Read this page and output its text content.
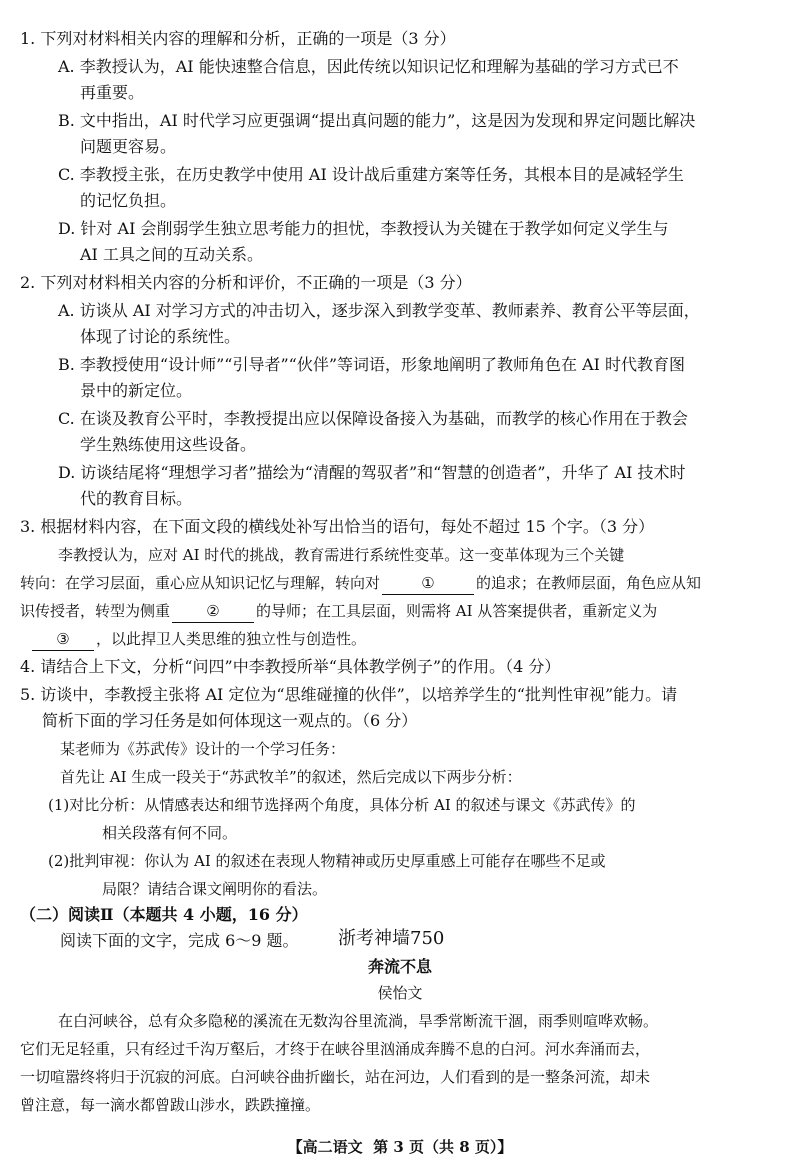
1. 下列对材料相关内容的理解和分析，正确的一项是（3 分）
A. 李教授认为，AI 能快速整合信息，因此传统以知识记忆和理解为基础的学习方式已不
再重要。
B. 文中指出，AI 时代学习应更强调“提出真问题的能力”，这是因为发现和界定问题比解决
问题更容易。
C. 李教授主张，在历史教学中使用 AI 设计战后重建方案等任务，其根本目的是减轻学生
的记忆负担。
D. 针对 AI 会削弱学生独立思考能力的担忧，李教授认为关键在于教学如何定义学生与
AI 工具之间的互动关系。
2. 下列对材料相关内容的分析和评价，不正确的一项是（3 分）
A. 访谈从 AI 对学习方式的冲击切入，逐步深入到教学变革、教师素养、教育公平等层面，
体现了讨论的系统性。
B. 李教授使用“设计师”“引导者”“伙伴”等词语，形象地阐明了教师角色在 AI 时代教育图
景中的新定位。
C. 在谈及教育公平时，李教授提出应以保障设备接入为基础，而教学的核心作用在于教会
学生熟练使用这些设备。
D. 访谈结尾将“理想学习者”描绘为“清醒的驾驭者”和“智慧的创造者”，升华了 AI 技术时
代的教育目标。
3. 根据材料内容，在下面文段的横线处补写出恰当的语句，每处不超过 15 个字。（3 分）
李教授认为，应对 AI 时代的挑战，教育需进行系统性变革。这一变革体现为三个关键
转向：在学习层面，重心应从知识记忆与理解，转向对	①	的追求；在教师层面，角色应从知
识传授者，转型为侧重 ② 的导师；在工具层面，则需将 AI 从答案提供者，重新定义为
③ ，以此捍卫人类思维的独立性与创造性。
4. 请结合上下文，分析“问四”中李教授所举“具体教学例子”的作用。（4 分）
5. 访谈中，李教授主张将 AI 定位为“思维碰撞的伙伴”，以培养学生的“批判性审视”能力。请
简析下面的学习任务是如何体现这一观点的。（6 分）
某老师为《苏武传》设计的一个学习任务：
首先让 AI 生成一段关于“苏武牧羊”的叙述，然后完成以下两步分析：
(1)对比分析：从情感表达和细节选择两个角度，具体分析 AI 的叙述与课文《苏武传》的
相关段落有何不同。
(2)批判审视：你认为 AI 的叙述在表现人物精神或历史厚重感上可能存在哪些不足或
局限？请结合课文阐明你的看法。
（二）阅读Ⅱ（本题共 4 小题，16 分）
阅读下面的文字，完成 6～9 题。 浙考神墙750
奔流不息
侯怡文
在白河峡谷，总有众多隐秘的溪流在无数沟谷里流淌，旱季常断流干涸，雨季则喧哗欢畅。
它们无足轻重，只有经过千沟万壑后，才终于在峡谷里汹涌成奔腾不息的白河。河水奔涌而去，
一切喧嚣终将归于沉寂的河底。白河峡谷曲折幽长，站在河边，人们看到的是一整条河流，却未
曾注意，每一滴水都曾跋山涉水，跌跌撞撞。
【高二语文 第 3 页（共 8 页）】
